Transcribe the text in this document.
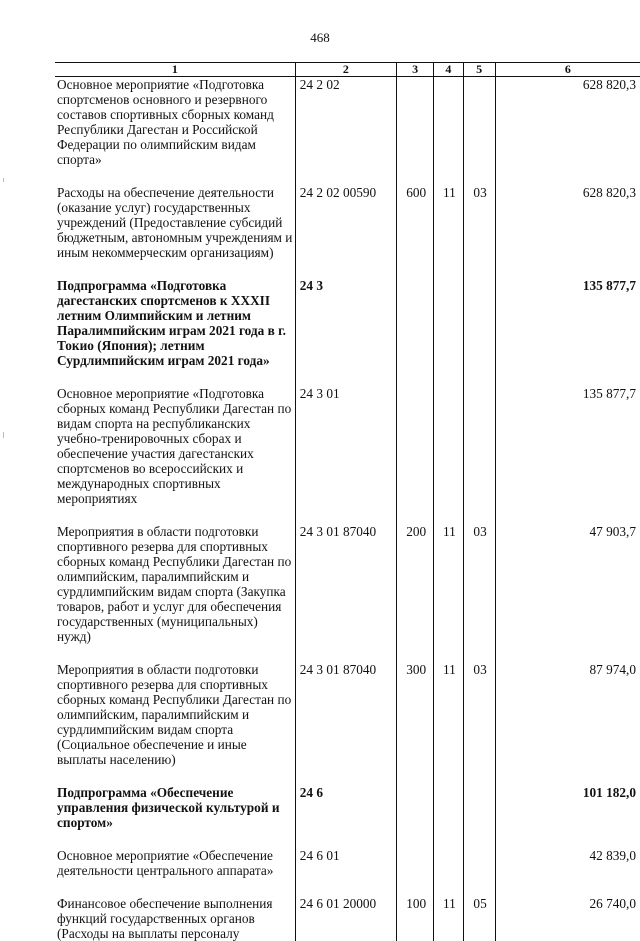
468
1	2	3	4	5	6
Основное мероприятие «Подготовка спортсменов основного и резервного составов спортивных сборных команд Республики Дагестан и Российской Федерации по олимпийским видам спорта»	24 2 02				628 820,3
Расходы на обеспечение деятельности (оказание услуг) государственных учреждений (Предоставление субсидий бюджетным, автономным учреждениям и иным некоммерческим организациям)	24 2 02 00590	600	11	03	628 820,3
Подпрограмма «Подготовка дагестанских спортсменов к XXXII летним Олимпийским и летним Паралимпийским играм 2021 года в г. Токио (Япония); летним Сурдлимпийским играм 2021 года»	24 3				135 877,7
Основное мероприятие «Подготовка сборных команд Республики Дагестан по видам спорта на республиканских учебно-тренировочных сборах и обеспечение участия дагестанских спортсменов во всероссийских и международных спортивных мероприятиях	24 3 01				135 877,7
Мероприятия в области подготовки спортивного резерва для спортивных сборных команд Республики Дагестан по олимпийским, паралимпийским и сурдлимпийским видам спорта (Закупка товаров, работ и услуг для обеспечения государственных (муниципальных) нужд)	24 3 01 87040	200	11	03	47 903,7
Мероприятия в области подготовки спортивного резерва для спортивных сборных команд Республики Дагестан по олимпийским, паралимпийским и сурдлимпийским видам спорта (Социальное обеспечение и иные выплаты населению)	24 3 01 87040	300	11	03	87 974,0
Подпрограмма «Обеспечение управления физической культурой и спортом»	24 6				101 182,0
Основное мероприятие «Обеспечение деятельности центрального аппарата»	24 6 01				42 839,0
Финансовое обеспечение выполнения функций государственных органов (Расходы на выплаты персоналу	24 6 01 20000	100	11	05	26 740,0
